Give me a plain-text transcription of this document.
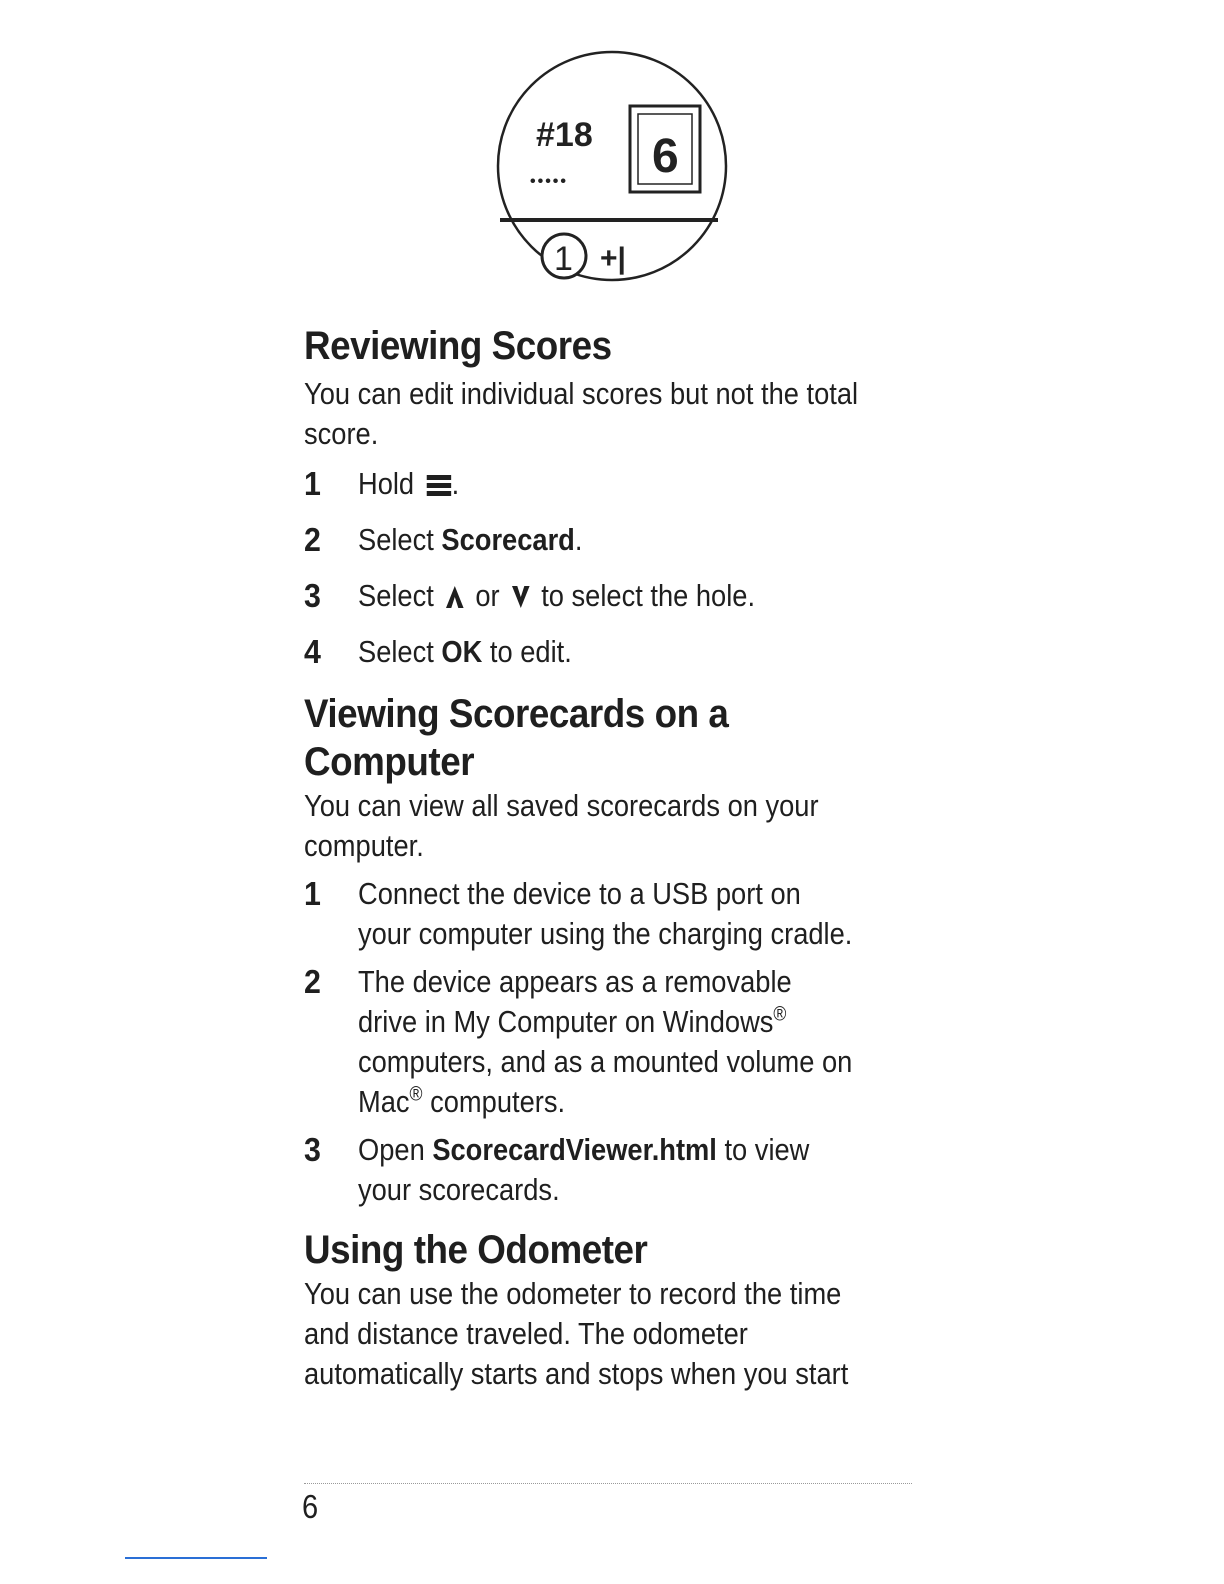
#18
••••• 6
1 +|
Reviewing Scores

You can edit individual scores but not the total score.

1	Hold .
2	Select Scorecard.
3	Select  or  to select the hole.
4	Select OK to edit.
Viewing Scorecards on a
Computer

You can view all saved scorecards on your computer.

1	Connect the device to a USB port on your computer using the charging cradle.
2	The device appears as a removable drive in My Computer on Windows® computers, and as a mounted volume on Mac® computers.
3	Open ScorecardViewer.html to view your scorecards.
Using the Odometer

You can use the odometer to record the time and distance traveled. The odometer automatically starts and stops when you start

6
